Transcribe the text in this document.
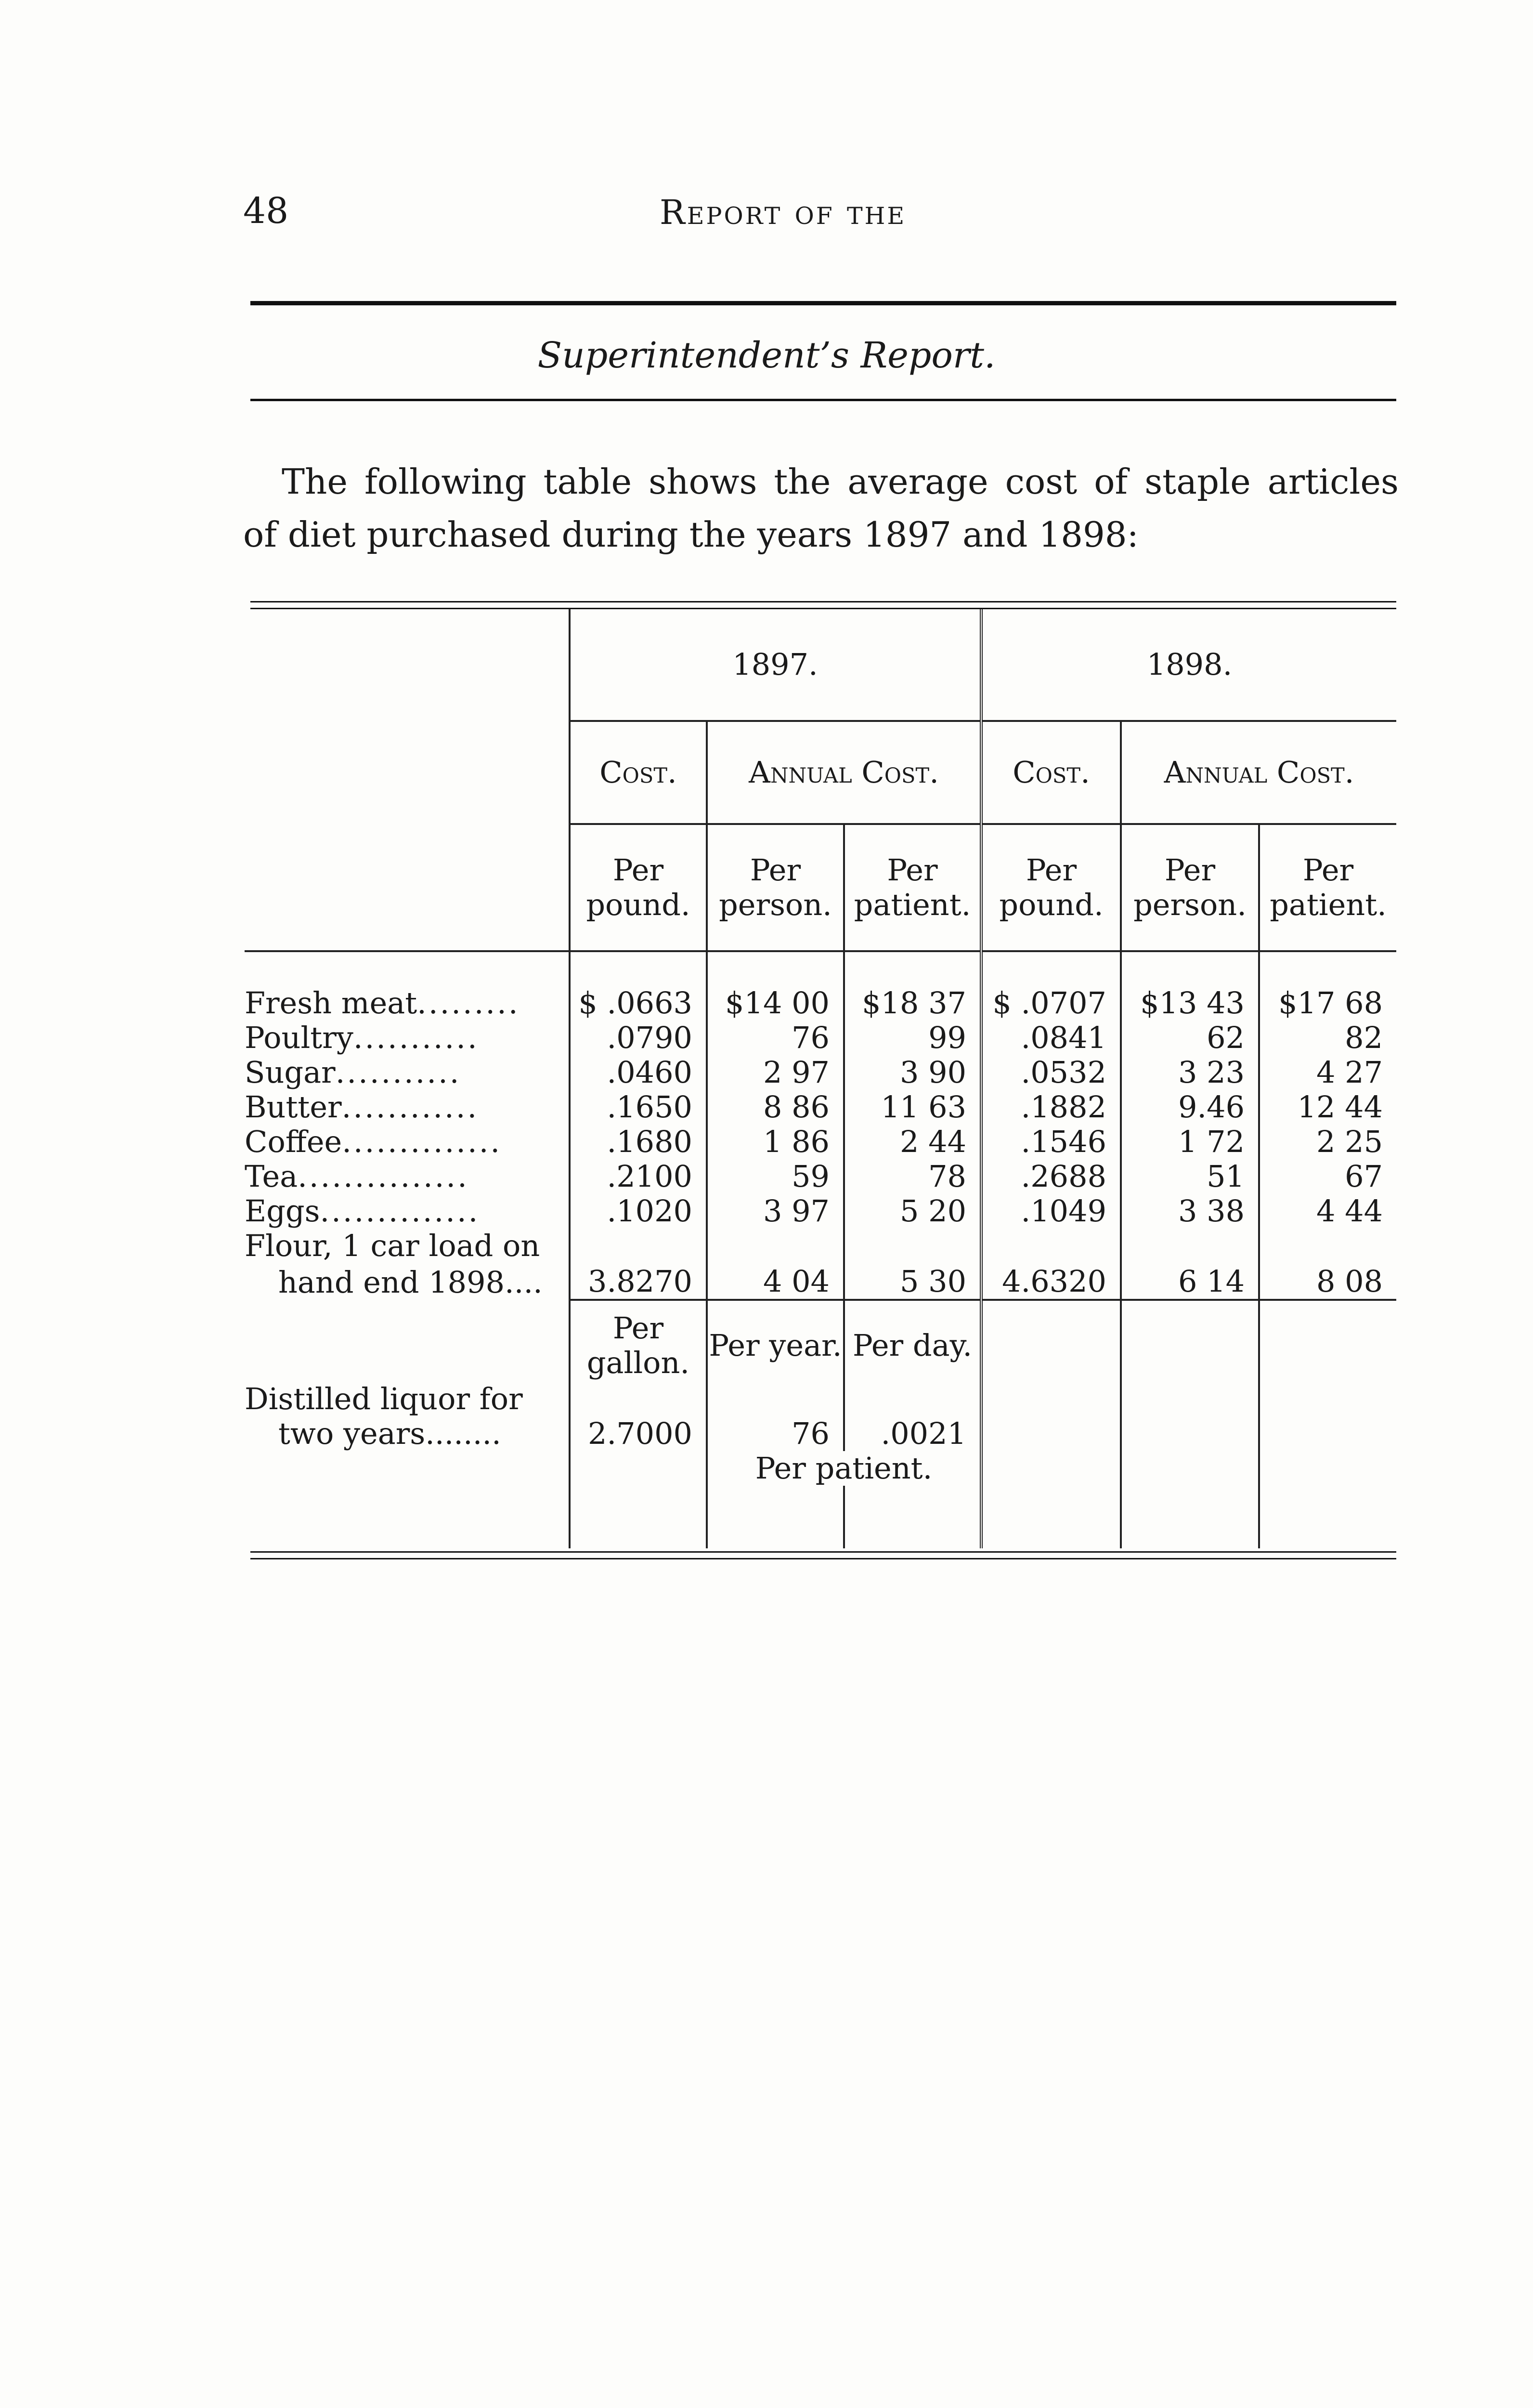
48	Report of the
Superintendent’s Report.
The following table shows the average cost of staple articles
of diet purchased during the years 1897 and 1898:
	1897.			1898.		
	Cost.	Annual Cost.		Cost.	Annual Cost.	
	Per pound.	Per person.	Per patient.	Per pound.	Per person.	Per patient.

Fresh meat.........	$ .0663	$14 00	$18 37	$ .0707	$13 43	$17 68
Poultry...........	.0790	76	99	.0841	62	82
Sugar...........	.0460	2 97	3 90	.0532	3 23	4 27
Butter............	.1650	8 86	11 63	.1882	9.46	12 44
Coffee..............	.1680	1 86	2 44	.1546	1 72	2 25
Tea...............	.2100	59	78	.2688	51	67
Eggs..............	.1020	3 97	5 20	.1049	3 38	4 44
Flour, 1 car load on						
hand end 1898....	3.8270	4 04	5 30	4.6320	6 14	8 08

	Per gallon.	Per year.	Per day.			
Distilled liquor for						
two years........	2.7000	76	.0021			
		Per patient.				
